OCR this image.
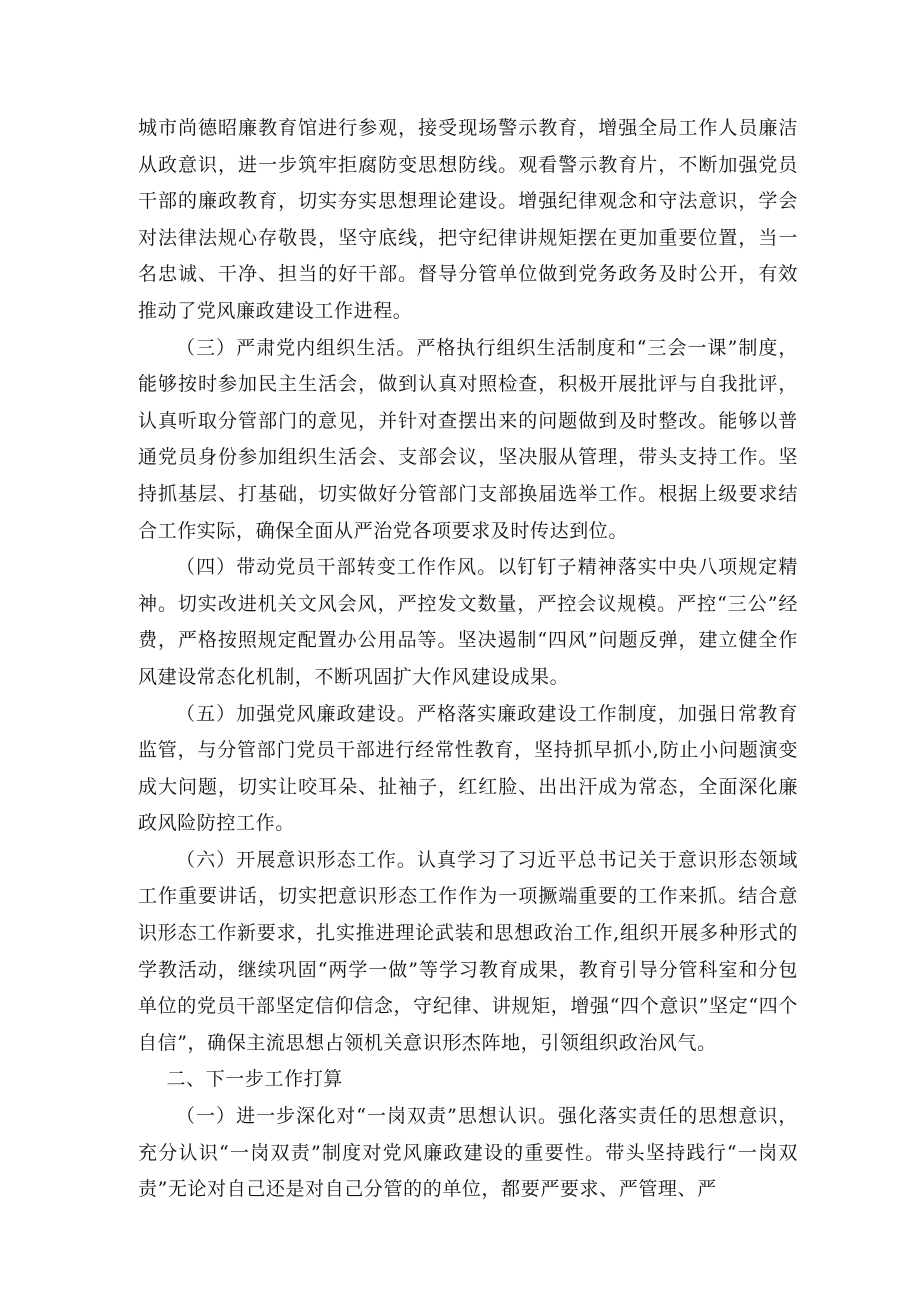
城市尚德昭廉教育馆进行参观，接受现场警示教育，增强全局工作人员廉洁从政意识，进一步筑牢拒腐防变思想防线。观看警示教育片，不断加强党员干部的廉政教育，切实夯实思想理论建设。增强纪律观念和守法意识，学会对法律法规心存敬畏，坚守底线，把守纪律讲规矩摆在更加重要位置，当一名忠诚、干净、担当的好干部。督导分管单位做到党务政务及时公开，有效推动了党风廉政建设工作进程。

（三）严肃党内组织生活。严格执行组织生活制度和“三会一课”制度，能够按时参加民主生活会，做到认真对照检查，积极开展批评与自我批评，认真听取分管部门的意见，并针对查摆出来的问题做到及时整改。能够以普通党员身份参加组织生活会、支部会议，坚决服从管理，带头支持工作。坚持抓基层、打基础，切实做好分管部门支部换届选举工作。根据上级要求结合工作实际，确保全面从严治党各项要求及时传达到位。

（四）带动党员干部转变工作作风。以钉钉子精神落实中央八项规定精神。切实改进机关文风会风，严控发文数量，严控会议规模。严控“三公”经费，严格按照规定配置办公用品等。坚决遏制“四风”问题反弹，建立健全作风建设常态化机制，不断巩固扩大作风建设成果。

（五）加强党风廉政建设。严格落实廉政建设工作制度，加强日常教育监管，与分管部门党员干部进行经常性教育，坚持抓早抓小,防止小问题演变成大问题，切实让咬耳朵、扯袖子，红红脸、出出汗成为常态，全面深化廉政风险防控工作。

（六）开展意识形态工作。认真学习了习近平总书记关于意识形态领域工作重要讲话，切实把意识形态工作作为一项撅端重要的工作来抓。结合意识形态工作新要求，扎实推进理论武装和思想政治工作,组织开展多种形式的学教活动，继续巩固“两学一做”等学习教育成果，教育引导分管科室和分包单位的党员干部坚定信仰信念，守纪律、讲规矩，增强“四个意识”坚定“四个自信”，确保主流思想占领机关意识形杰阵地，引领组织政治风气。

二、下一步工作打算

（一）进一步深化对“一岗双责”思想认识。强化落实责任的思想意识，充分认识“一岗双责”制度对党风廉政建设的重要性。带头坚持践行“一岗双责”无论对自己还是对自己分管的的单位，都要严要求、严管理、严
